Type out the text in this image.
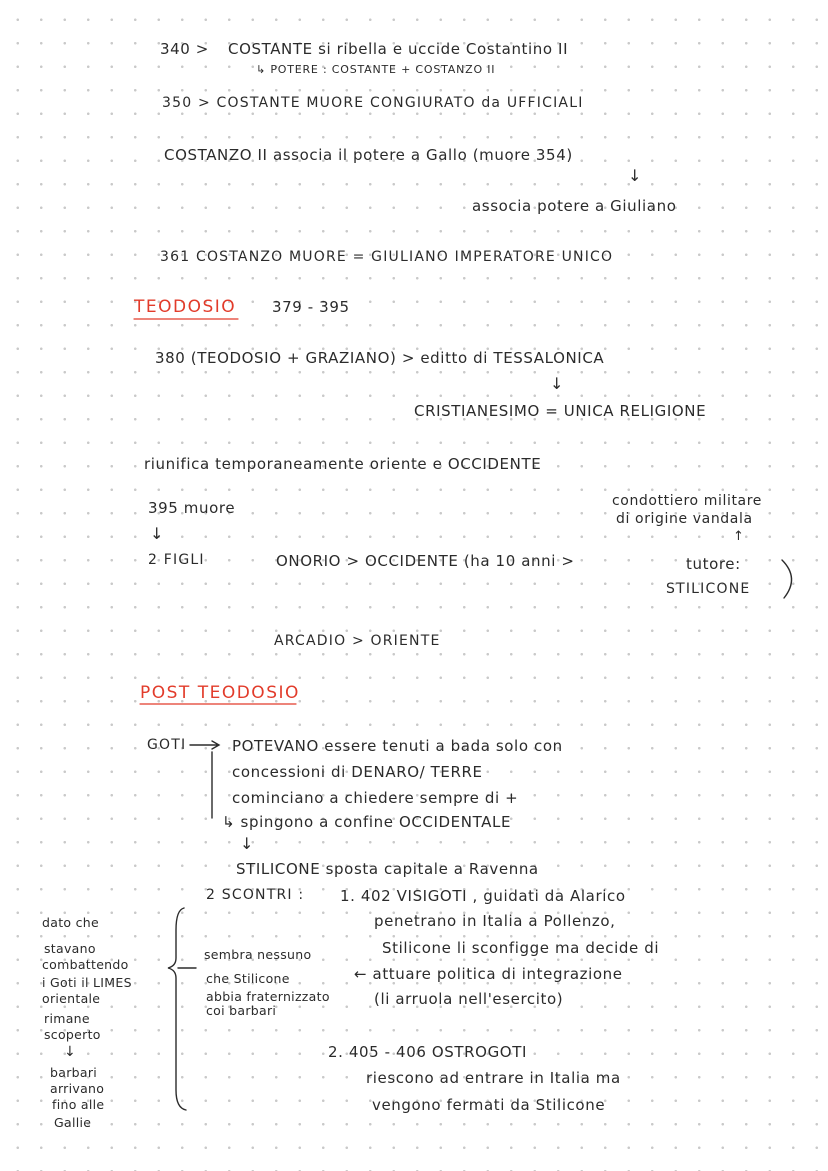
340 > COSTANTE si ribella e uccide Costantino II
↳ POTERE : COSTANTE + COSTANZO II
350 > COSTANTE MUORE CONGIURATO da UFFICIALI
COSTANZO II associa il potere a Gallo (muore 354)
↓
associa potere a Giuliano
361 COSTANZO MUORE = GIULIANO IMPERATORE UNICO
TEODOSIO 379 - 395
380 (TEODOSIO + GRAZIANO) > editto di TESSALONICA
↓
CRISTIANESIMO = UNICA RELIGIONE
riunifica temporaneamente oriente e OCCIDENTE
395 muore	condottiero militare
di origine vandala
↓	↑
2 FIGLI	ONORIO > OCCIDENTE (ha 10 anni >	tutore:
STILICONE
ARCADIO > ORIENTE
POST TEODOSIO
GOTI	POTEVANO essere tenuti a bada solo con
concessioni di DENARO/ TERRE
cominciano a chiedere sempre di +
↳ spingono a confine OCCIDENTALE
↓
STILICONE sposta capitale a Ravenna
2 SCONTRI : 1. 402 VISIGOTI , guidati da Alarico
penetrano in Italia a Pollenzo,
Stilicone li sconfigge ma decide di
← attuare politica di integrazione
(li arruola nell'esercito)
sembra nessuno
che Stilicone
abbia fraternizzato
coi barbari
2. 405 - 406 OSTROGOTI
riescono ad entrare in Italia ma
vengono fermati da Stilicone
dato che
stavano
combattendo
i Goti il LIMES
orientale
rimane
scoperto
↓
barbari
arrivano
fino alle
Gallie
